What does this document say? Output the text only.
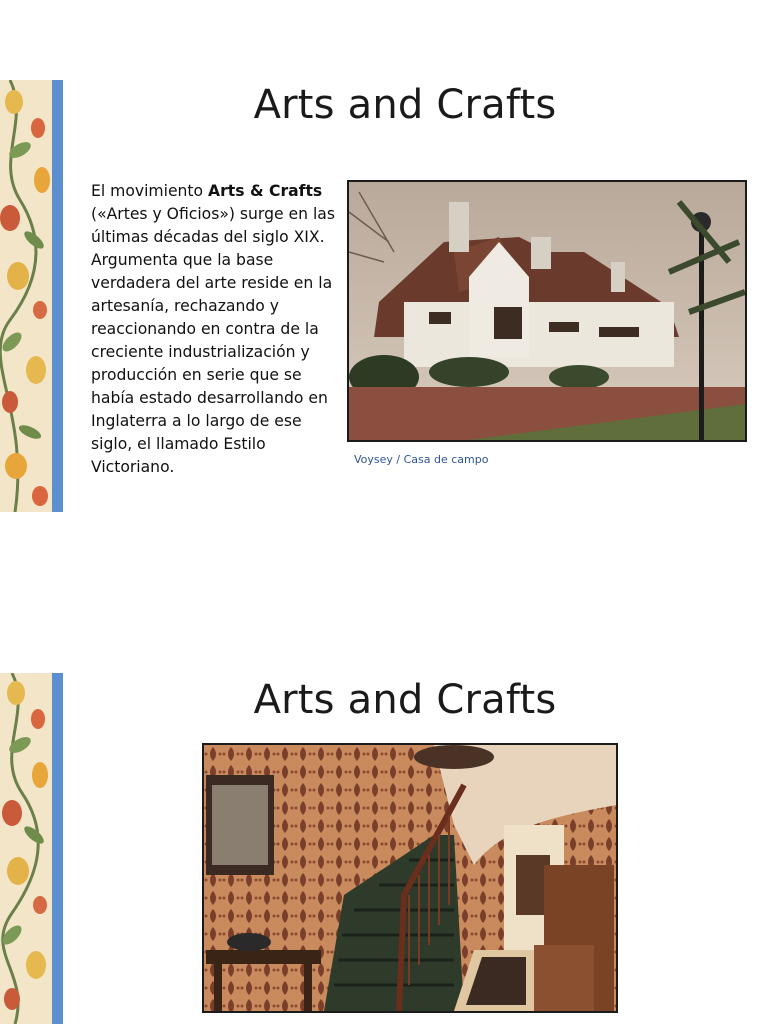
Arts and Crafts

El movimiento Arts & Crafts («Artes y Oficios») surge en las últimas décadas del siglo XIX. Argumenta que la base verdadera del arte reside en la artesanía, rechazando y reaccionando en contra de la creciente industrialización y producción en serie que se había estado desarrollando en Inglaterra a lo largo de ese siglo, el llamado Estilo Victoriano.	Voysey / Casa de campo
Arts and Crafts
